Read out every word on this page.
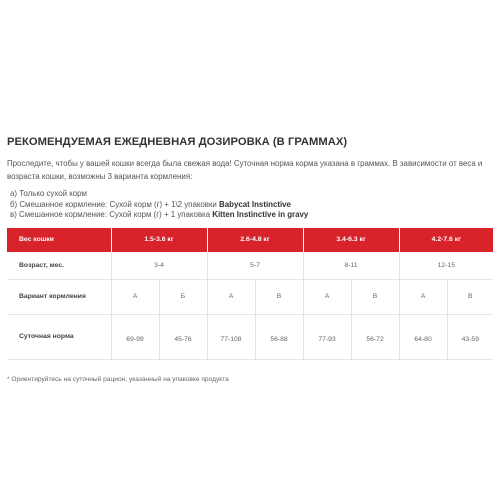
РЕКОМЕНДУЕМАЯ ЕЖЕДНЕВНАЯ ДОЗИРОВКА (В ГРАММАХ)

Проследите, чтобы у вашей кошки всегда была свежая вода! Суточная норма корма указана в граммах. В зависимости от веса и возраста кошки, возможны 3 варианта кормления:

а) Только сухой корм
б) Смешанное кормление: Сухой корм (г) + 1\2 упаковки Babycat Instinctive
в) Смешанное кормление: Сухой корм (г) + 1 упаковка Kitten Instinctive in gravy
Вес кошки	1.5-3.6 кг		2.6-4.8 кг		3.4-6.3 кг		4.2-7.6 кг	
Возраст, мес.	3-4		5-7		8-11		12-15	
Вариант кормления	А	Б	А	В	А	В	А	В
Суточная норма	69-99	45-76	77-108	56-88	77-93	56-72	64-80	43-59
* Ориентируйтесь на суточный рацион, указанный на упаковке продукта
